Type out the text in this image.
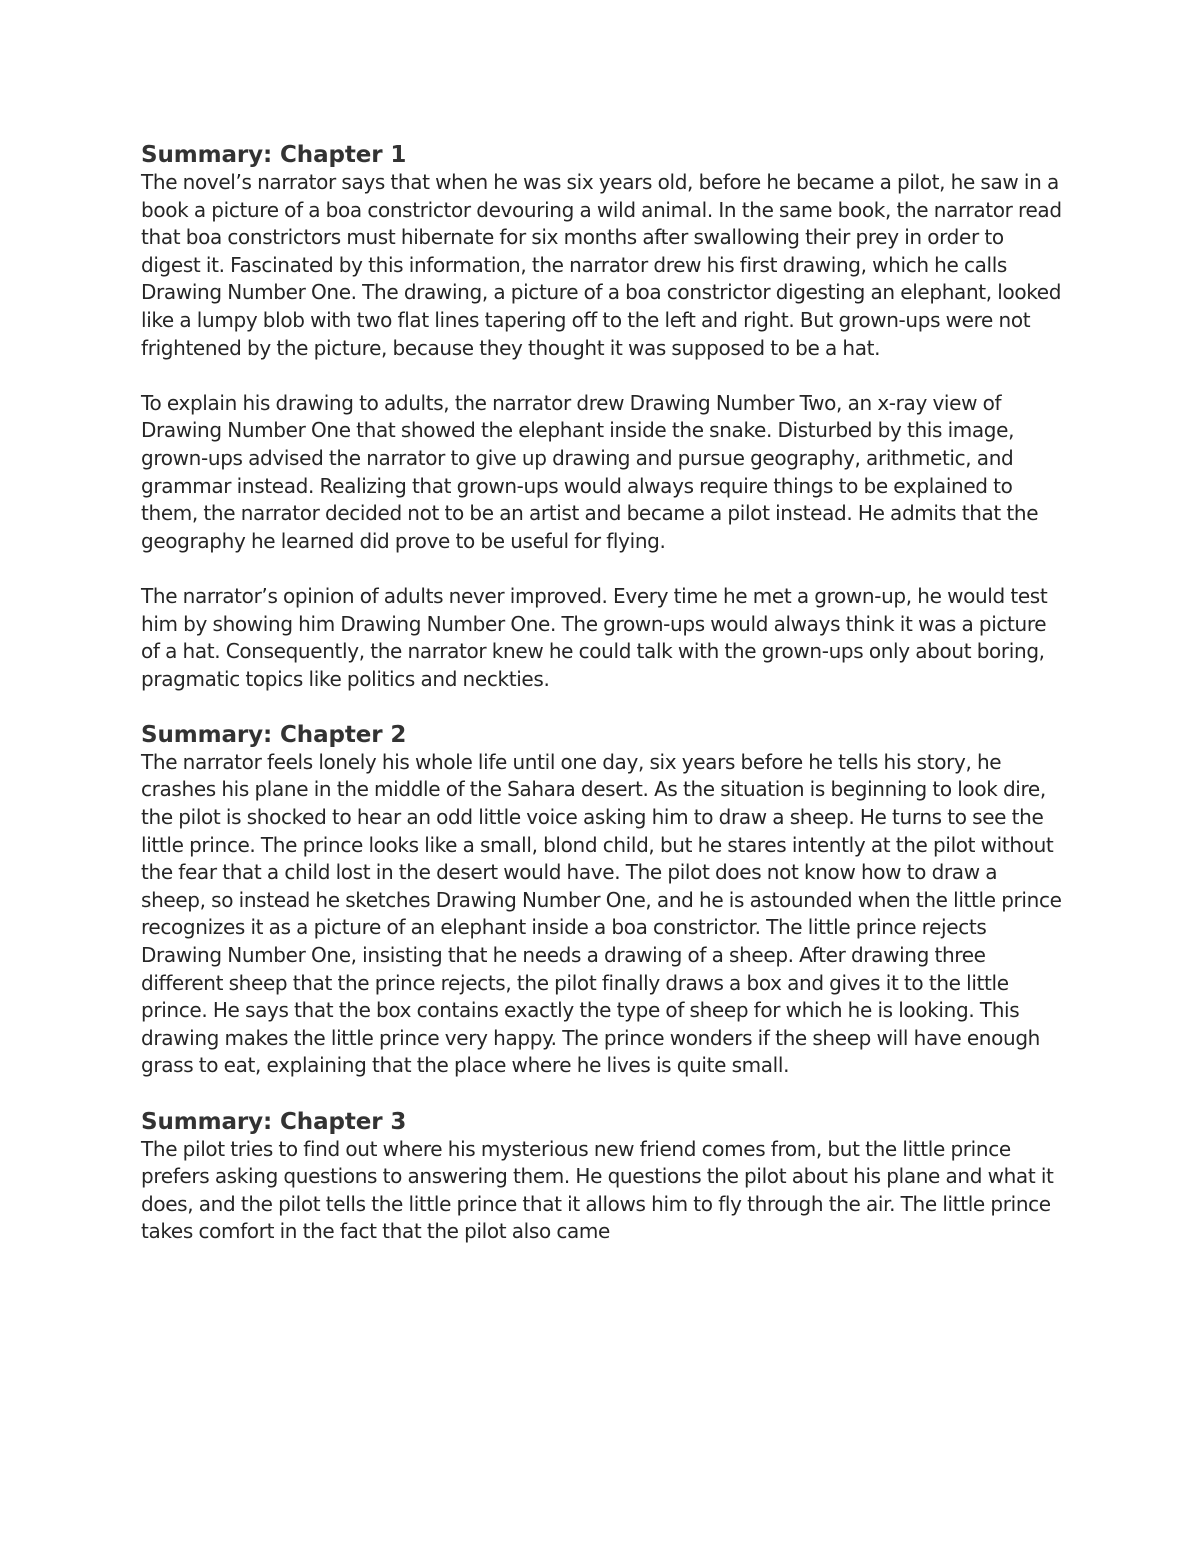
Summary: Chapter 1

The novel’s narrator says that when he was six years old, before he became a pilot, he saw in a book a picture of a boa constrictor devouring a wild animal. In the same book, the narrator read that boa constrictors must hibernate for six months after swallowing their prey in order to digest it. Fascinated by this information, the narrator drew his first drawing, which he calls Drawing Number One. The drawing, a picture of a boa constrictor digesting an elephant, looked like a lumpy blob with two flat lines tapering off to the left and right. But grown-ups were not frightened by the picture, because they thought it was supposed to be a hat.

To explain his drawing to adults, the narrator drew Drawing Number Two, an x-ray view of Drawing Number One that showed the elephant inside the snake. Disturbed by this image, grown-ups advised the narrator to give up drawing and pursue geography, arithmetic, and grammar instead. Realizing that grown-ups would always require things to be explained to them, the narrator decided not to be an artist and became a pilot instead. He admits that the geography he learned did prove to be useful for flying.

The narrator’s opinion of adults never improved. Every time he met a grown-up, he would test him by showing him Drawing Number One. The grown-ups would always think it was a picture of a hat. Consequently, the narrator knew he could talk with the grown-ups only about boring, pragmatic topics like politics and neckties.

Summary: Chapter 2

The narrator feels lonely his whole life until one day, six years before he tells his story, he crashes his plane in the middle of the Sahara desert. As the situation is beginning to look dire, the pilot is shocked to hear an odd little voice asking him to draw a sheep. He turns to see the little prince. The prince looks like a small, blond child, but he stares intently at the pilot without the fear that a child lost in the desert would have. The pilot does not know how to draw a sheep, so instead he sketches Drawing Number One, and he is astounded when the little prince recognizes it as a picture of an elephant inside a boa constrictor. The little prince rejects Drawing Number One, insisting that he needs a drawing of a sheep. After drawing three different sheep that the prince rejects, the pilot finally draws a box and gives it to the little prince. He says that the box contains exactly the type of sheep for which he is looking. This drawing makes the little prince very happy. The prince wonders if the sheep will have enough grass to eat, explaining that the place where he lives is quite small.

Summary: Chapter 3

The pilot tries to find out where his mysterious new friend comes from, but the little prince prefers asking questions to answering them. He questions the pilot about his plane and what it does, and the pilot tells the little prince that it allows him to fly through the air. The little prince takes comfort in the fact that the pilot also came
